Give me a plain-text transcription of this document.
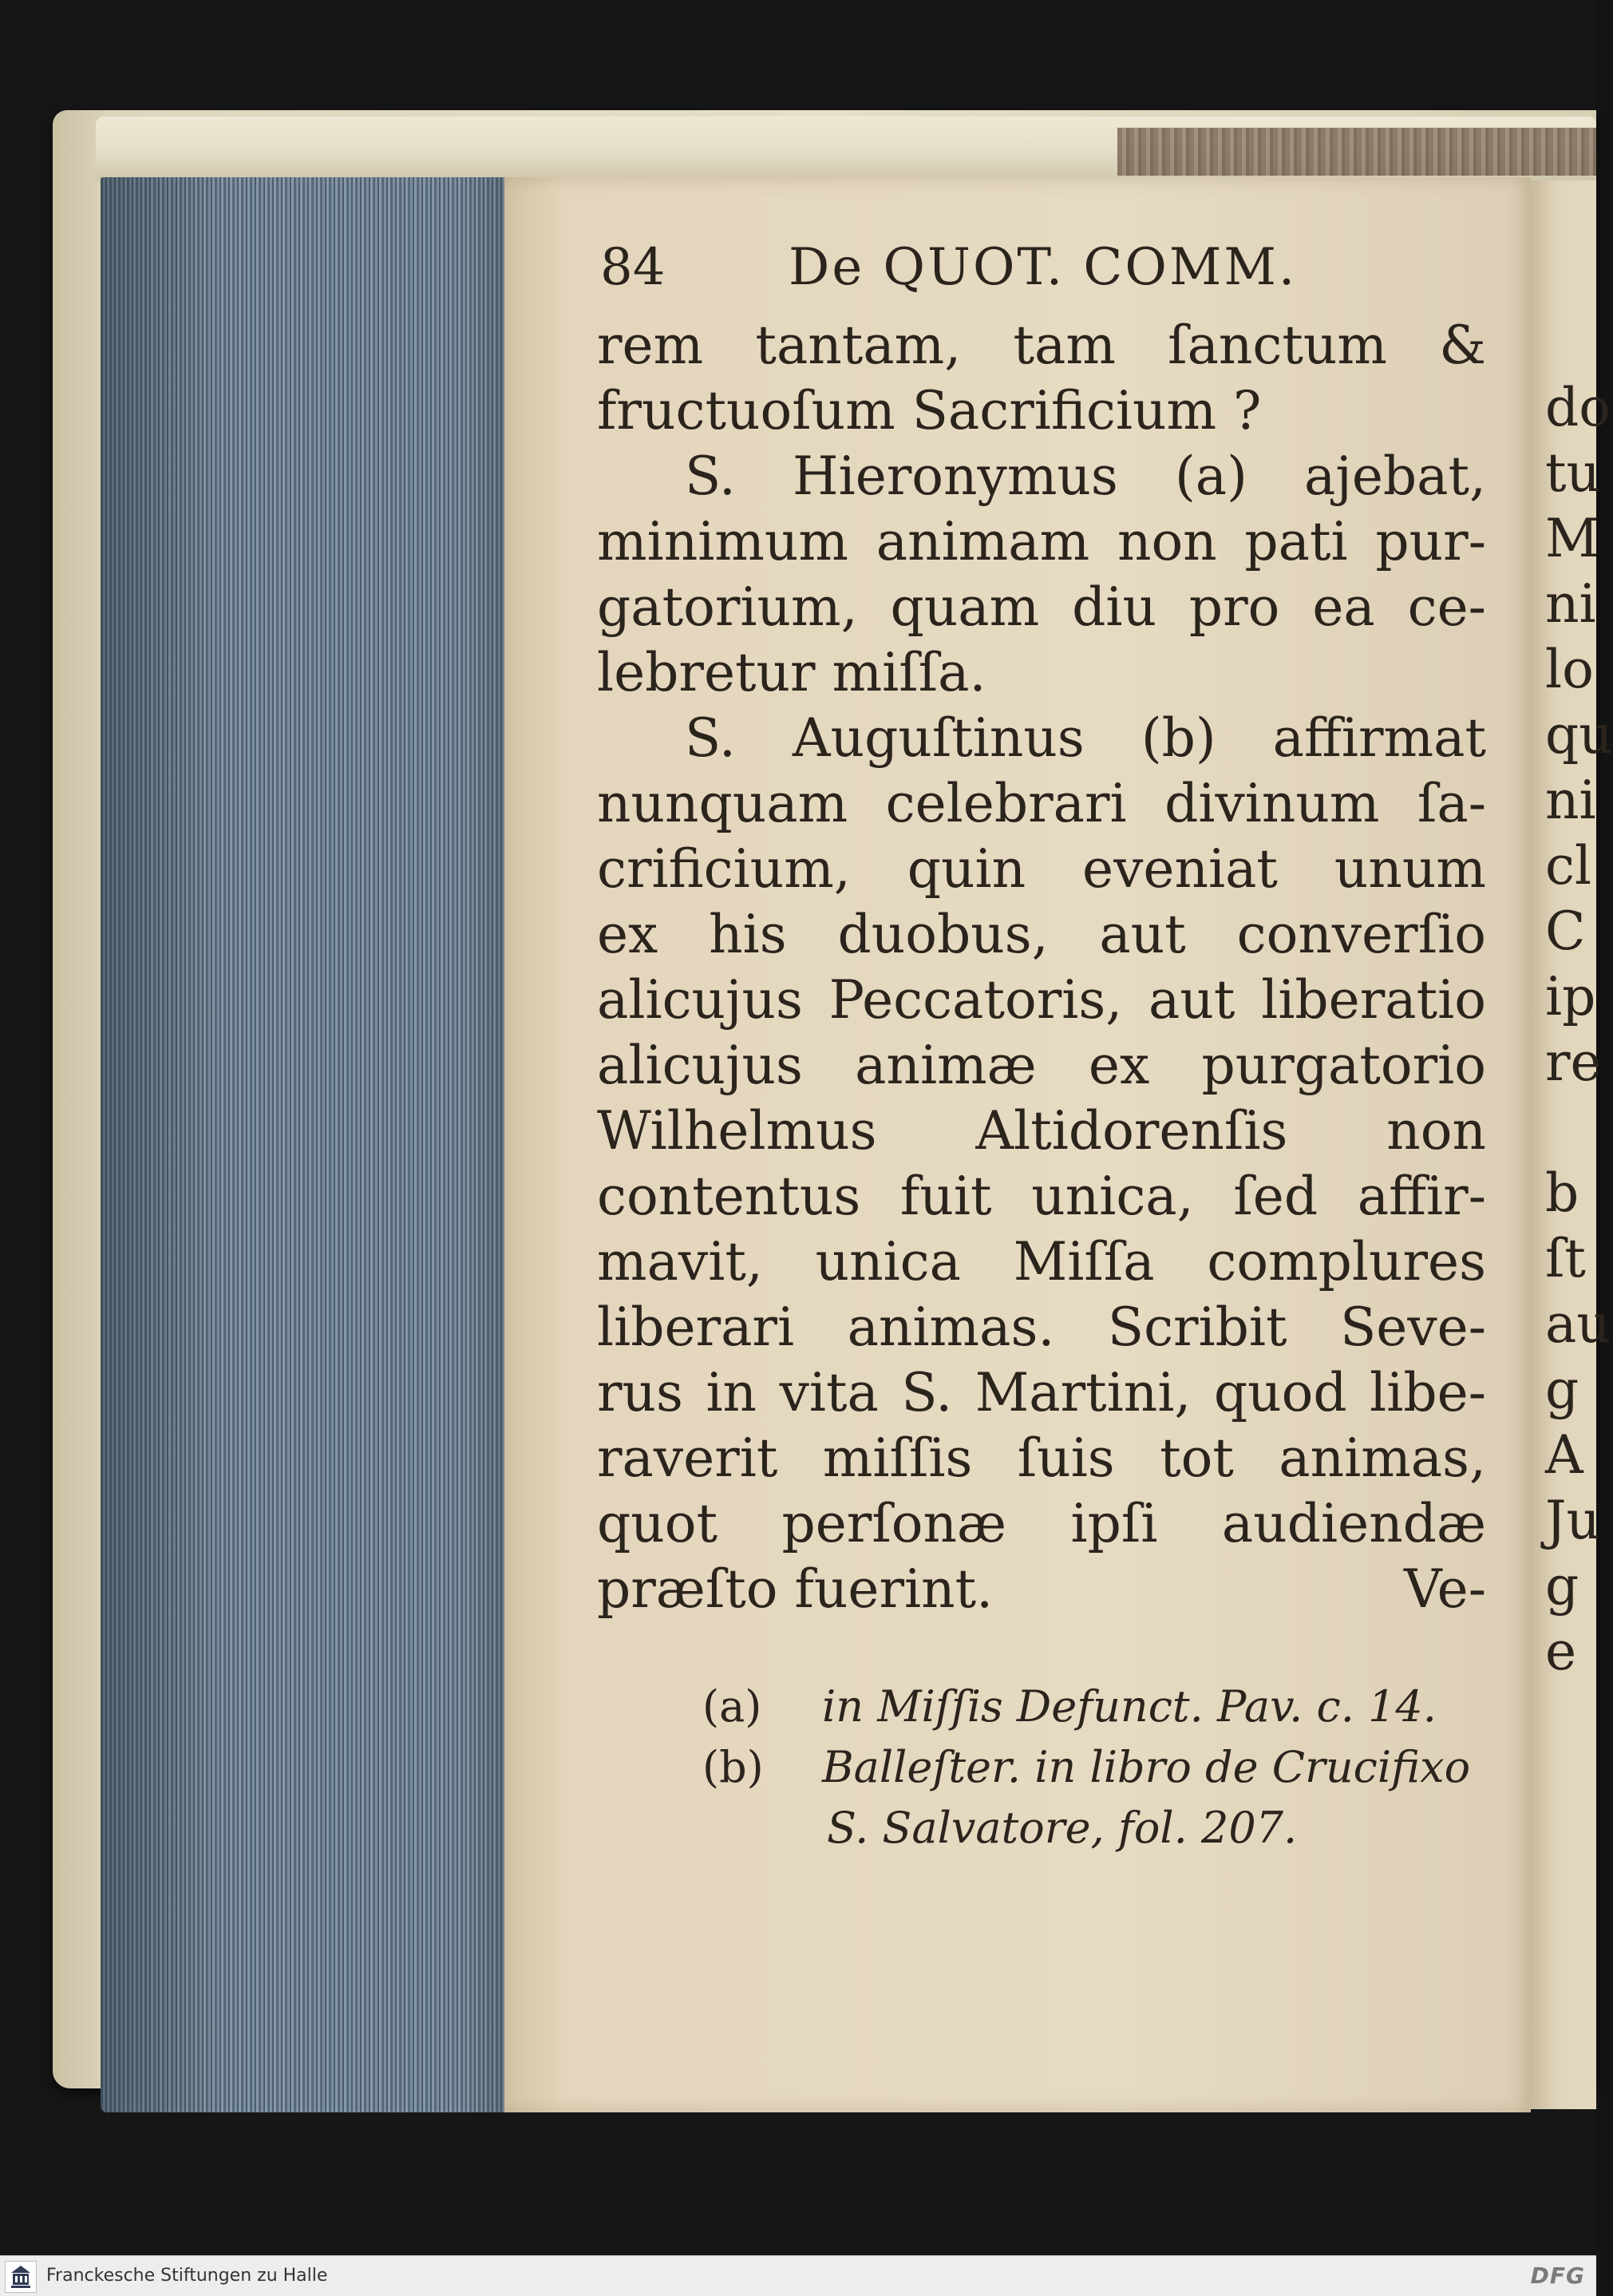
84 De QUOT. COMM.
rem tantam, tam ſanctum &
fructuoſum Sacrificium ?
S. Hieronymus (a) ajebat,
minimum animam non pati pur-
gatorium, quam diu pro ea ce-
lebretur miſſa.
S. Auguſtinus (b) affirmat
nunquam celebrari divinum ſa-
crificium, quin eveniat unum
ex his duobus, aut converſio
alicujus Peccatoris, aut liberatio
alicujus animæ ex purgatorio
Wilhelmus Altidorenſis non
contentus fuit unica, ſed affir-
mavit, unica Miſſa complures
liberari animas. Scribit Seve-
rus in vita S. Martini, quod libe-
raverit miſſis ſuis tot animas,
quot perſonæ ipſi audiendæ
præſto fuerint.	Ve-
(a) in Miſſis Defunct. Pav. c. 14.
(b) Balleſter. in libro de Crucifixo
S. Salvatore, fol. 207.
do
tu
M
ni
lo
qu
ni
cl
C
ip
re
b
ſt
au
g
A
Ju
g
e
Franckesche Stiftungen zu Halle	DFG
